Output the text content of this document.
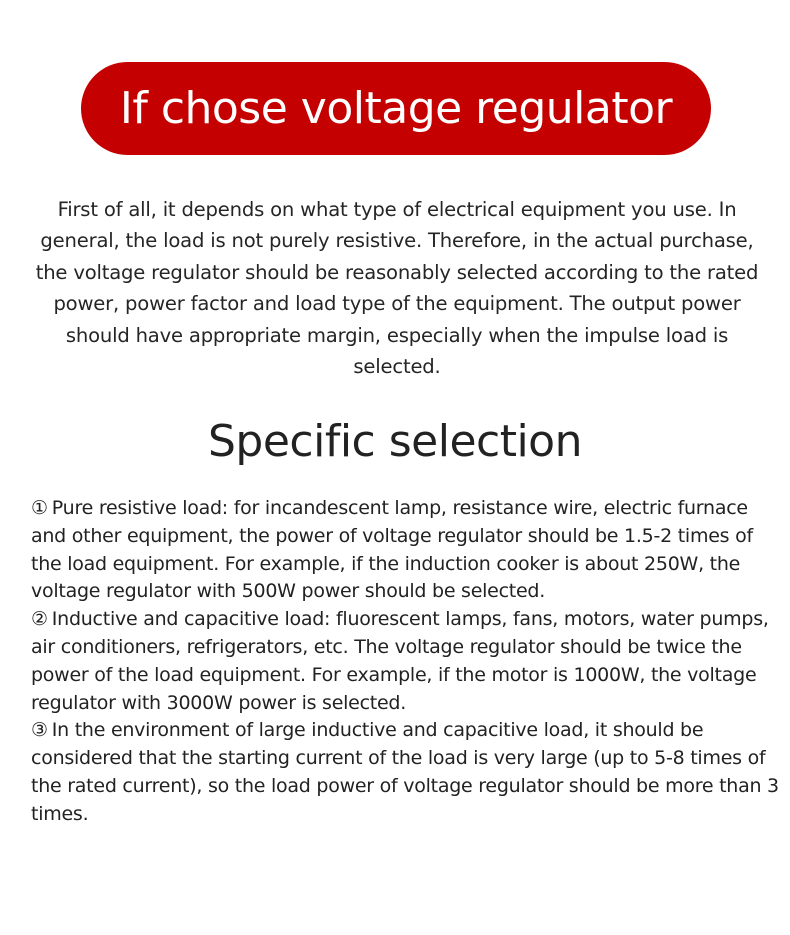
If chose voltage regulator

First of all, it depends on what type of electrical equipment you use. In general, the load is not purely resistive. Therefore, in the actual purchase, the voltage regulator should be reasonably selected according to the rated power, power factor and load type of the equipment. The output power should have appropriate margin, especially when the impulse load is selected.

Specific selection

① Pure resistive load: for incandescent lamp, resistance wire, electric furnace and other equipment, the power of voltage regulator should be 1.5-2 times of the load equipment. For example, if the induction cooker is about 250W, the voltage regulator with 500W power should be selected.

② Inductive and capacitive load: fluorescent lamps, fans, motors, water pumps, air conditioners, refrigerators, etc. The voltage regulator should be twice the power of the load equipment. For example, if the motor is 1000W, the voltage regulator with 3000W power is selected.

③ In the environment of large inductive and capacitive load, it should be considered that the starting current of the load is very large (up to 5-8 times of the rated current), so the load power of voltage regulator should be more than 3 times.
